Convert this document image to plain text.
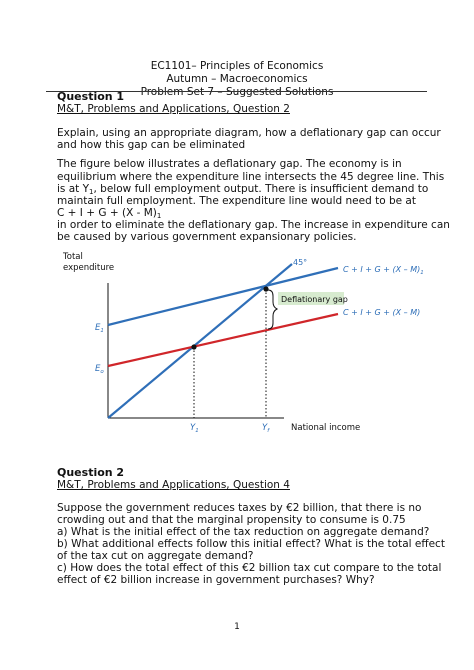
EC1101– Principles of Economics
Autumn – Macroeconomics
Problem Set 7 – Suggested Solutions
Question 1
M&T, Problems and Applications, Question 2
Explain, using an appropriate diagram, how a deflationary gap can occur
and how this gap can be eliminated
The figure below illustrates a deflationary gap. The economy is in
equilibrium where the expenditure line intersects the 45 degree line. This
is at $Y_1$, below full employment output. There is insufficient demand to
maintain full employment. The expenditure line would need to be at
$C + I + G + (X - M)_1$
in order to eliminate the deflationary gap. The increase in expenditure can
be caused by various government expansionary policies.
Total
expenditure
National income
45°
$C + I + G + (X - M)_1$
C + I + G + (X – M)
Deflationary gap
$E_1$
$E_o$
$Y_1$	$Y_f$
Question 2
M&T, Problems and Applications, Question 4
Suppose the government reduces taxes by €2 billion, that there is no
crowding out and that the marginal propensity to consume is 0.75
a) What is the initial effect of the tax reduction on aggregate demand?
b) What additional effects follow this initial effect? What is the total effect
of the tax cut on aggregate demand?
c) How does the total effect of this €2 billion tax cut compare to the total
effect of €2 billion increase in government purchases? Why?
1
